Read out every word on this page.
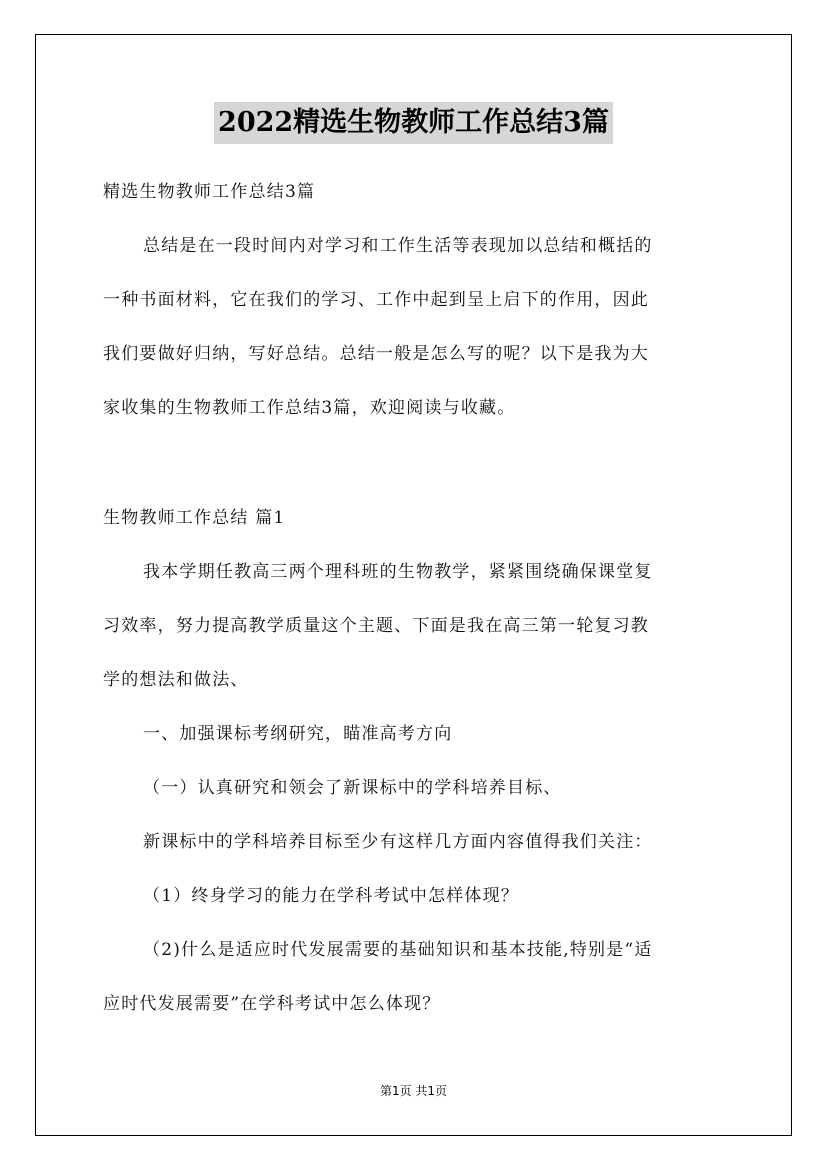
2022精选生物教师工作总结3篇
精选生物教师工作总结3篇
总结是在一段时间内对学习和工作生活等表现加以总结和概括的
一种书面材料，它在我们的学习、工作中起到呈上启下的作用，因此
我们要做好归纳，写好总结。总结一般是怎么写的呢？以下是我为大
家收集的生物教师工作总结3篇，欢迎阅读与收藏。
生物教师工作总结 篇1
我本学期任教高三两个理科班的生物教学，紧紧围绕确保课堂复
习效率，努力提高教学质量这个主题、下面是我在高三第一轮复习教
学的想法和做法、
一、加强课标考纲研究，瞄准高考方向
（一）认真研究和领会了新课标中的学科培养目标、
新课标中的学科培养目标至少有这样几方面内容值得我们关注：
（1）终身学习的能力在学科考试中怎样体现？
（2)什么是适应时代发展需要的基础知识和基本技能,特别是“适
应时代发展需要”在学科考试中怎么体现？
第1页 共1页
